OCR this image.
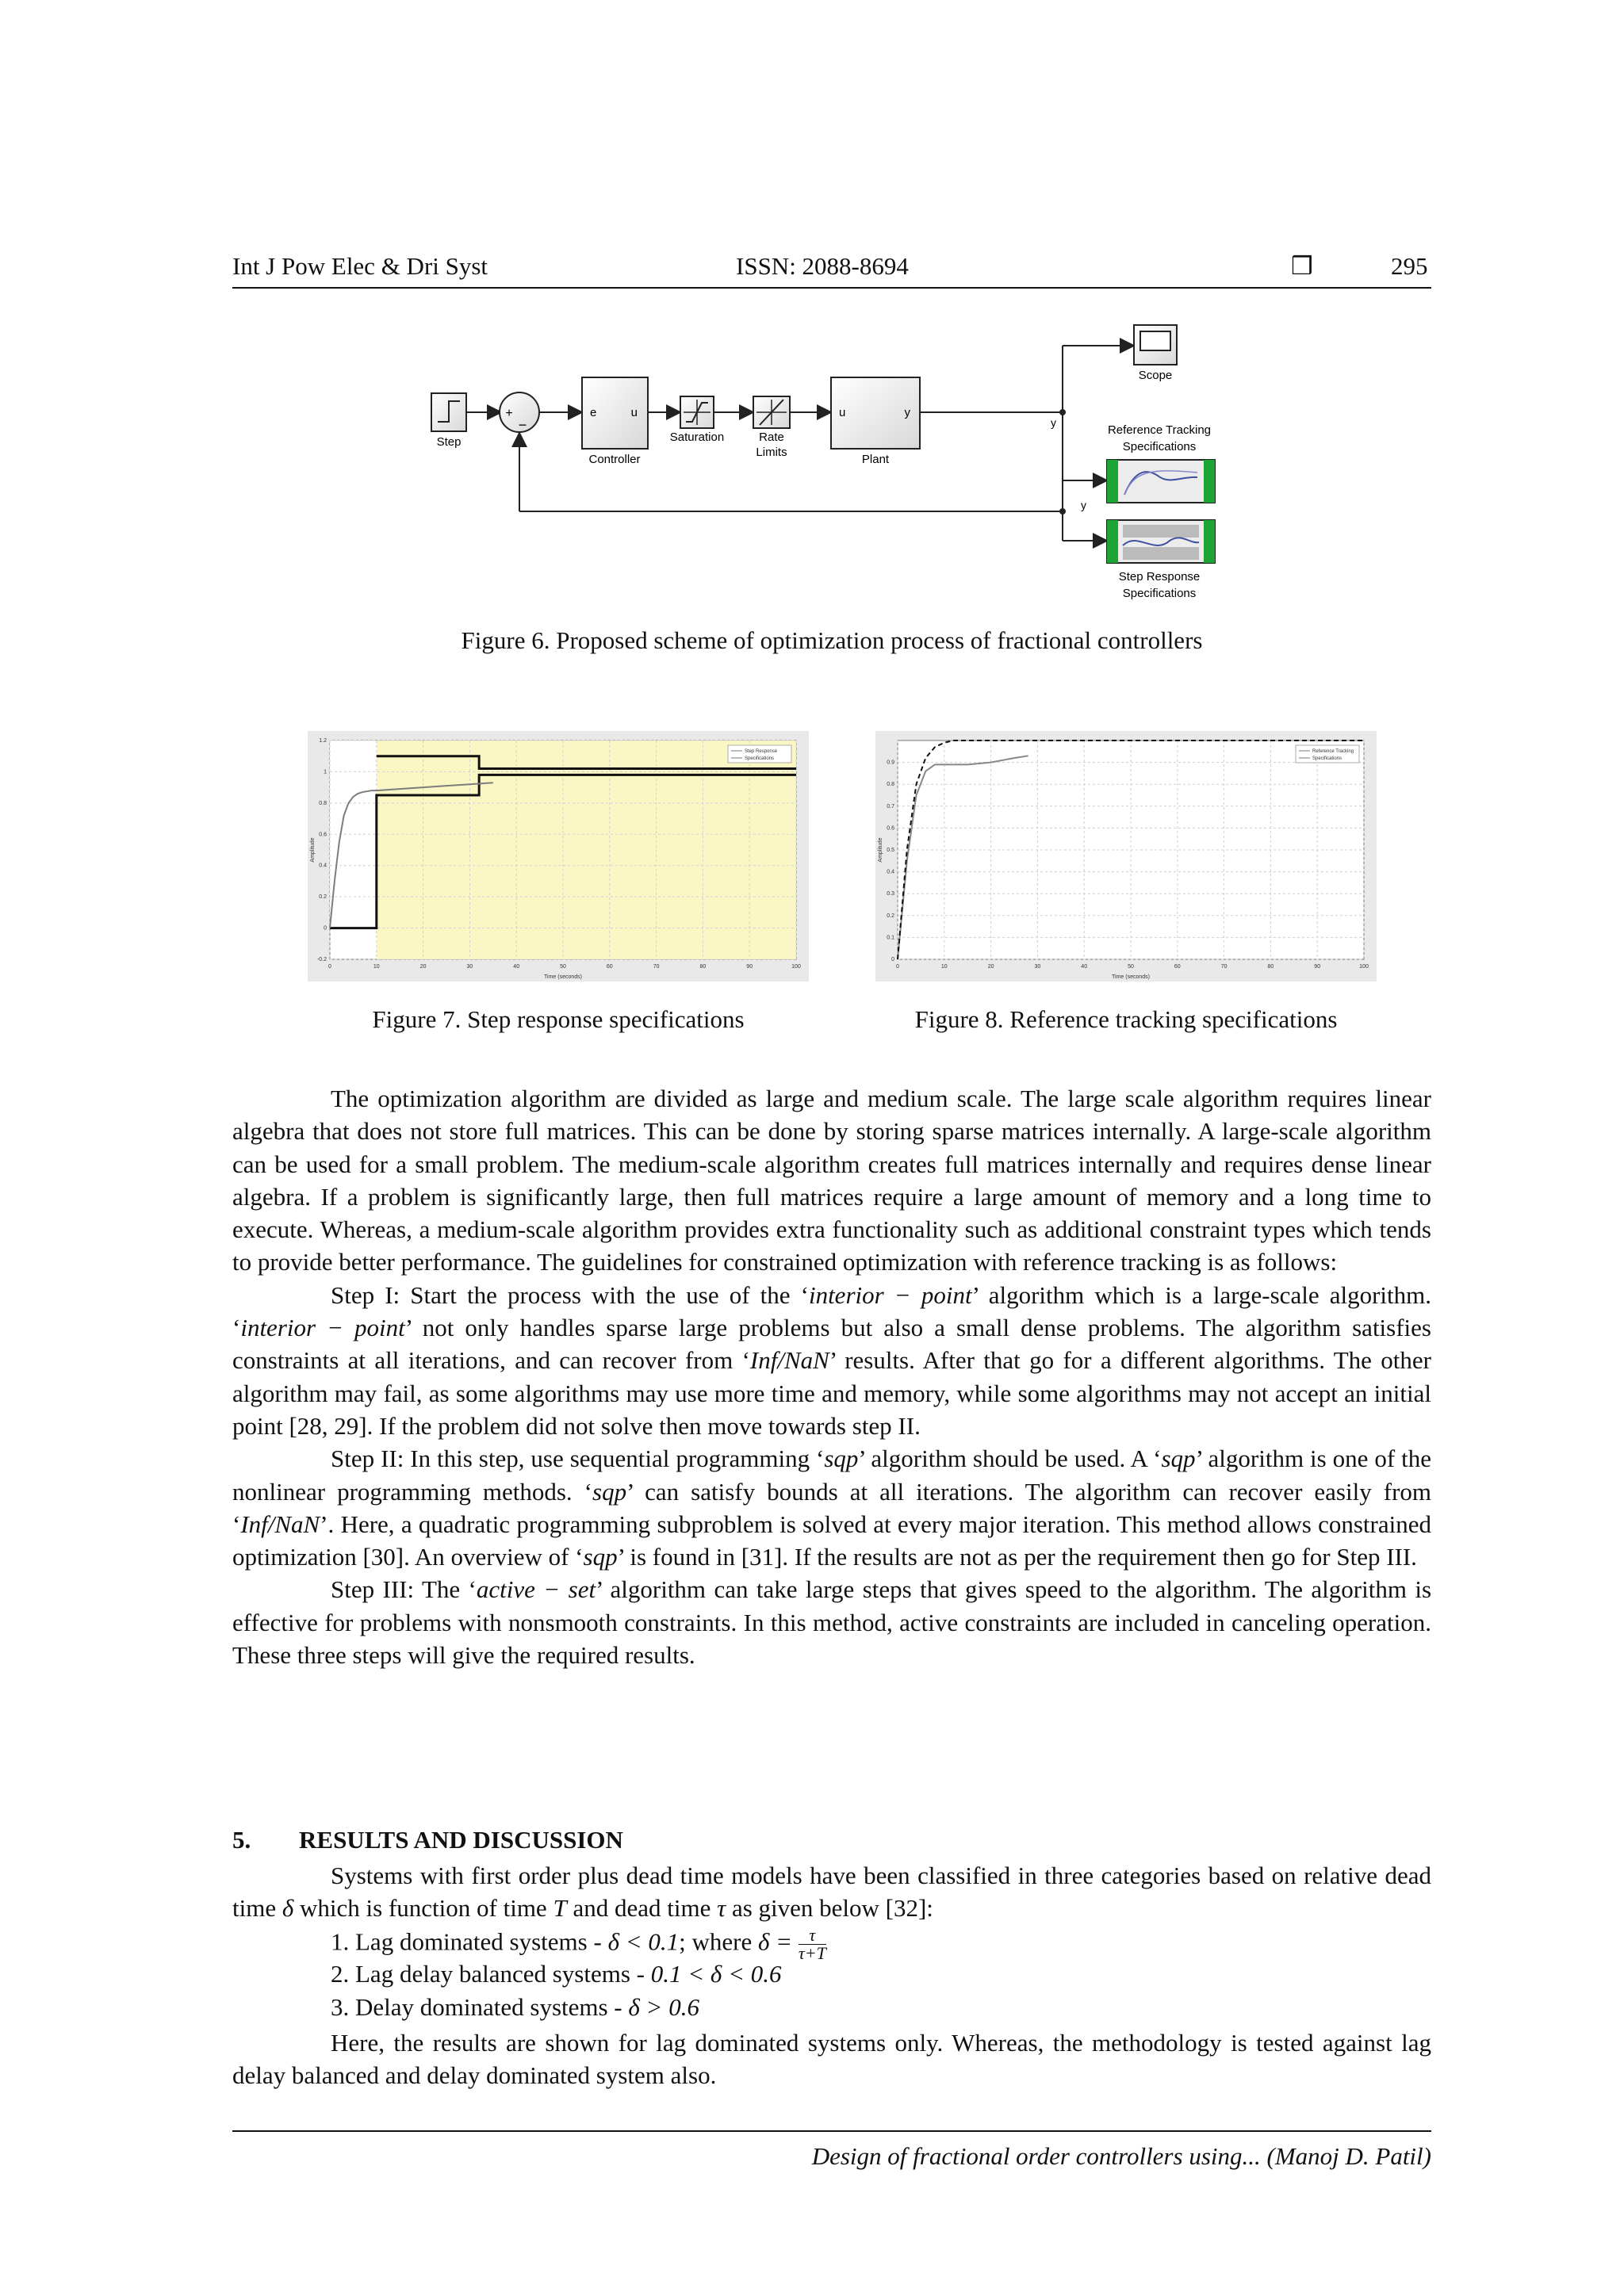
Int J Pow Elec & Dri Syst	ISSN: 2088-8694	❒	295
Step
+
−
e	u
Controller
Saturation	Rate
Limits
u	y
Plant
y
y
Scope
Reference Tracking
Specifications
Step Response
Specifications
Figure 6. Proposed scheme of optimization process of fractional controllers
0	10	20	30	40	50	60	70	80	90	100
-0.2
0
0.2
0.4
0.6
0.8
1
1.2
Time (seconds)
Amplitude
Step Response
Specifications
0	10	20	30	40	50	60	70	80	90	100
0
0.1
0.2
0.3
0.4
0.5
0.6
0.7
0.8
0.9
Time (seconds)
Amplitude
Reference Tracking
Specifications
Figure 7. Step response specifications	Figure 8. Reference tracking specifications

The optimization algorithm are divided as large and medium scale. The large scale algorithm requires linear algebra that does not store full matrices. This can be done by storing sparse matrices internally. A large-scale algorithm can be used for a small problem. The medium-scale algorithm creates full matrices internally and requires dense linear algebra. If a problem is significantly large, then full matrices require a large amount of memory and a long time to execute. Whereas, a medium-scale algorithm provides extra functionality such as additional constraint types which tends to provide better performance. The guidelines for constrained optimization with reference tracking is as follows:

Step I: Start the process with the use of the ‘interior − point’ algorithm which is a large-scale algorithm. ‘interior − point’ not only handles sparse large problems but also a small dense problems. The algorithm satisfies constraints at all iterations, and can recover from ‘Inf/NaN’ results. After that go for a different algorithms. The other algorithm may fail, as some algorithms may use more time and memory, while some algorithms may not accept an initial point [28, 29]. If the problem did not solve then move towards step II.

Step II: In this step, use sequential programming ‘sqp’ algorithm should be used. A ‘sqp’ algorithm is one of the nonlinear programming methods. ‘sqp’ can satisfy bounds at all iterations. The algorithm can recover easily from ‘Inf/NaN’. Here, a quadratic programming subproblem is solved at every major iteration. This method allows constrained optimization [30]. An overview of ‘sqp’ is found in [31]. If the results are not as per the requirement then go for Step III.

Step III: The ‘active − set’ algorithm can take large steps that gives speed to the algorithm. The algorithm is effective for problems with nonsmooth constraints. In this method, active constraints are included in canceling operation. These three steps will give the required results.

5. RESULTS AND DISCUSSION

Systems with first order plus dead time models have been classified in three categories based on relative dead time δ which is function of time T and dead time τ as given below [32]:

1. Lag dominated systems - δ < 0.1; where $\delta = \frac{\tau}{\tau+T}$
2. Lag delay balanced systems - 0.1 < δ < 0.6
3. Delay dominated systems - δ > 0.6

Here, the results are shown for lag dominated systems only. Whereas, the methodology is tested against lag delay balanced and delay dominated system also.

Design of fractional order controllers using... (Manoj D. Patil)
